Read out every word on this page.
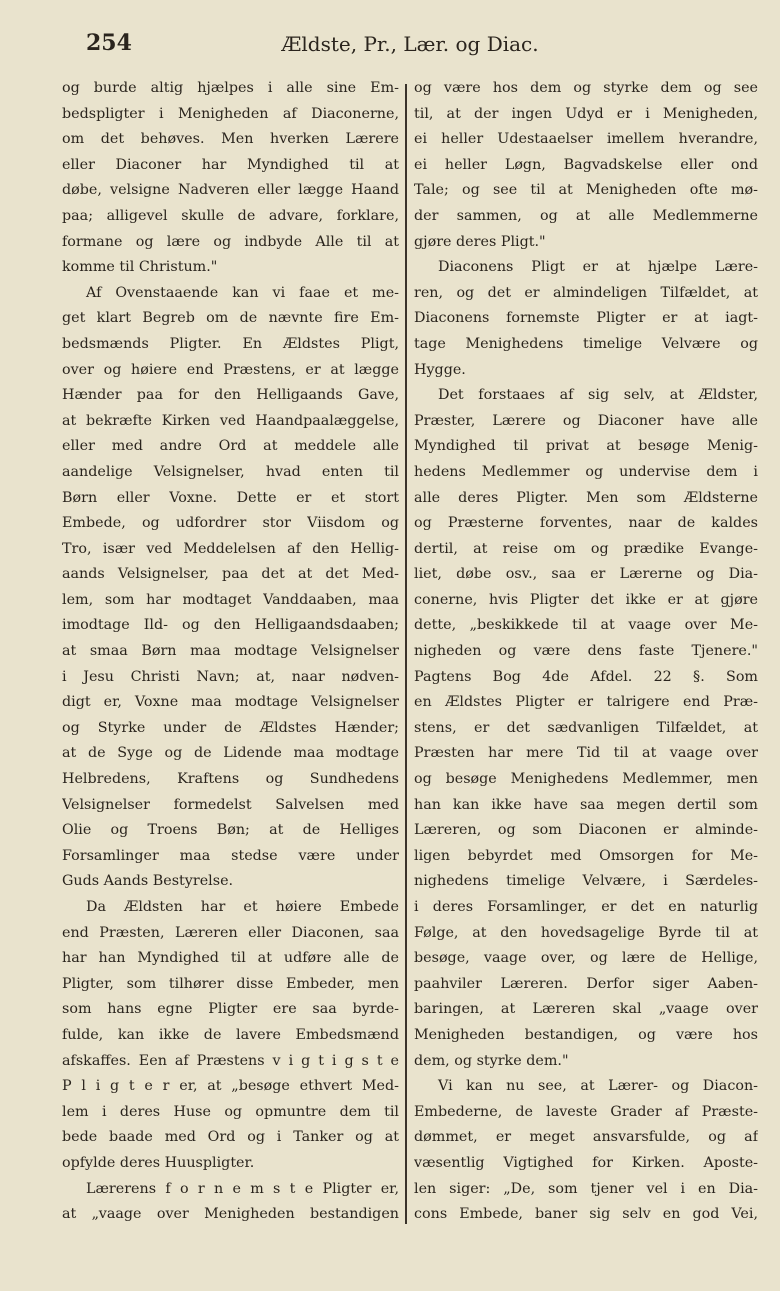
254	Ældste, Pr., Lær. og Diac.
og burde altig hjælpes i alle sine Em-
bedspligter i Menigheden af Diaconerne,
om det behøves. Men hverken Lærere
eller Diaconer har Myndighed til at
døbe, velsigne Nadveren eller lægge Haand
paa; alligevel skulle de advare, forklare,
formane og lære og indbyde Alle til at
komme til Christum."
Af Ovenstaaende kan vi faae et me-
get klart Begreb om de nævnte fire Em-
bedsmænds Pligter. En Ældstes Pligt,
over og høiere end Præstens, er at lægge
Hænder paa for den Helligaands Gave,
at bekræfte Kirken ved Haandpaalæggelse,
eller med andre Ord at meddele alle
aandelige Velsignelser, hvad enten til
Børn eller Voxne. Dette er et stort
Embede, og udfordrer stor Viisdom og
Tro, især ved Meddelelsen af den Hellig-
aands Velsignelser, paa det at det Med-
lem, som har modtaget Vanddaaben, maa
imodtage Ild- og den Helligaandsdaaben;
at smaa Børn maa modtage Velsignelser
i Jesu Christi Navn; at, naar nødven-
digt er, Voxne maa modtage Velsignelser
og Styrke under de Ældstes Hænder;
at de Syge og de Lidende maa modtage
Helbredens, Kraftens og Sundhedens
Velsignelser formedelst Salvelsen med
Olie og Troens Bøn; at de Helliges
Forsamlinger maa stedse være under
Guds Aands Bestyrelse.
Da Ældsten har et høiere Embede
end Præsten, Læreren eller Diaconen, saa
har han Myndighed til at udføre alle de
Pligter, som tilhører disse Embeder, men
som hans egne Pligter ere saa byrde-
fulde, kan ikke de lavere Embedsmænd
afskaffes. Een af Præstens v i g t i g s t e
P l i g t e r er, at „besøge ethvert Med-
lem i deres Huse og opmuntre dem til
bede baade med Ord og i Tanker og at
opfylde deres Huuspligter.
Lærerens f o r n e m s t e Pligter er,
at „vaage over Menigheden bestandigen
og være hos dem og styrke dem og see
til, at der ingen Udyd er i Menigheden,
ei heller Udestaaelser imellem hverandre,
ei heller Løgn, Bagvadskelse eller ond
Tale; og see til at Menigheden ofte mø-
der sammen, og at alle Medlemmerne
gjøre deres Pligt."
Diaconens Pligt er at hjælpe Lære-
ren, og det er almindeligen Tilfældet, at
Diaconens fornemste Pligter er at iagt-
tage Menighedens timelige Velvære og
Hygge.
Det forstaaes af sig selv, at Ældster,
Præster, Lærere og Diaconer have alle
Myndighed til privat at besøge Menig-
hedens Medlemmer og undervise dem i
alle deres Pligter. Men som Ældsterne
og Præsterne forventes, naar de kaldes
dertil, at reise om og prædike Evange-
liet, døbe osv., saa er Lærerne og Dia-
conerne, hvis Pligter det ikke er at gjøre
dette, „beskikkede til at vaage over Me-
nigheden og være dens faste Tjenere."
Pagtens Bog 4de Afdel. 22 §. Som
en Ældstes Pligter er talrigere end Præ-
stens, er det sædvanligen Tilfældet, at
Præsten har mere Tid til at vaage over
og besøge Menighedens Medlemmer, men
han kan ikke have saa megen dertil som
Læreren, og som Diaconen er alminde-
ligen bebyrdet med Omsorgen for Me-
nighedens timelige Velvære, i Særdeles-
i deres Forsamlinger, er det en naturlig
Følge, at den hovedsagelige Byrde til at
besøge, vaage over, og lære de Hellige,
paahviler Læreren. Derfor siger Aaben-
baringen, at Læreren skal „vaage over
Menigheden bestandigen, og være hos
dem, og styrke dem."
Vi kan nu see, at Lærer- og Diacon-
Embederne, de laveste Grader af Præste-
dømmet, er meget ansvarsfulde, og af
væsentlig Vigtighed for Kirken. Aposte-
len siger: „De, som tjener vel i en Dia-
cons Embede, baner sig selv en god Vei,
